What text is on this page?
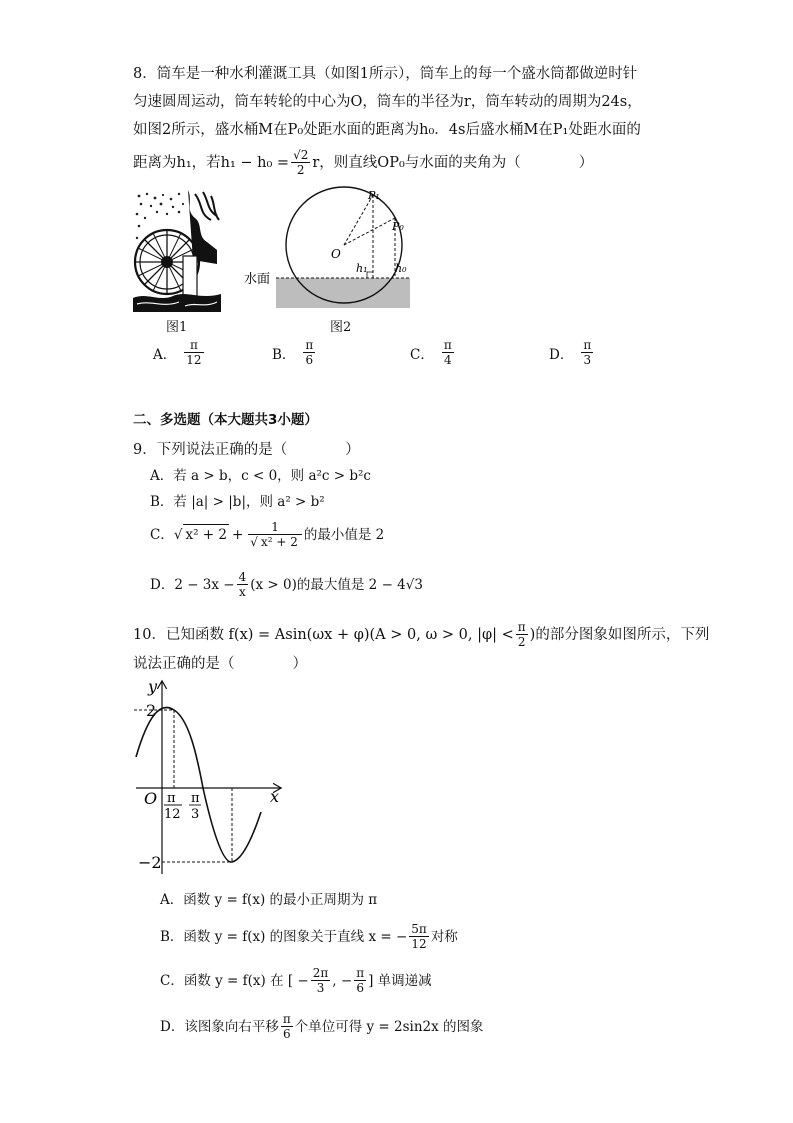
8．筒车是一种水利灌溉工具（如图1所示），筒车上的每一个盛水筒都做逆时针
匀速圆周运动，筒车转轮的中心为O，筒车的半径为r，筒车转动的周期为24s，
如图2所示，盛水桶M在P₀处距水面的距离为h₀．4s后盛水桶M在P₁处距水面的
距离为h₁，若$h_1 - h_0 = \frac{√2}{2}$ r，则直线OP₀与水面的夹角为（　　　　）
图1
水面
O
P₁
P₀
h₁	h₀
图2
A． $\frac{\pi}{12}$	B． $\frac{\pi}{6}$	C． $\frac{\pi}{4}$	D． $\frac{\pi}{3}$
二、多选题（本大题共3小题）
9．下列说法正确的是（　　　　）
A．若 a > b，c < 0，则 a²c > b²c
B．若 |a| > |b|，则 a² > b²
C． √ $x^2 + 2 + \frac{1}{\text{√ x² + 2}}$ 的最小值是 2
D． $2 - 3x - \frac{4}{x} (x > 0)$的最大值是 2 − 4√3
10．已知函数 f(x) = Asin(ωx + φ)(A > 0, ω > 0, $|\varphi| < \frac{\pi}{2}$ )的部分图象如图所示，下列
说法正确的是（　　　　）
y
x
O
2
−2
π
12
π
3
A．函数 y = f(x) 的最小正周期为 π
B．函数 y = f(x) 的图象关于直线 x = − $\frac{5\pi}{12}$ 对称
C．函数 y = f(x) 在 [ − $\frac{2\pi}{3}$ , − $\frac{\pi}{6}$ ] 单调递减
D．该图象向右平移 $\frac{\pi}{6}$ 个单位可得 y = 2sin2x 的图象
